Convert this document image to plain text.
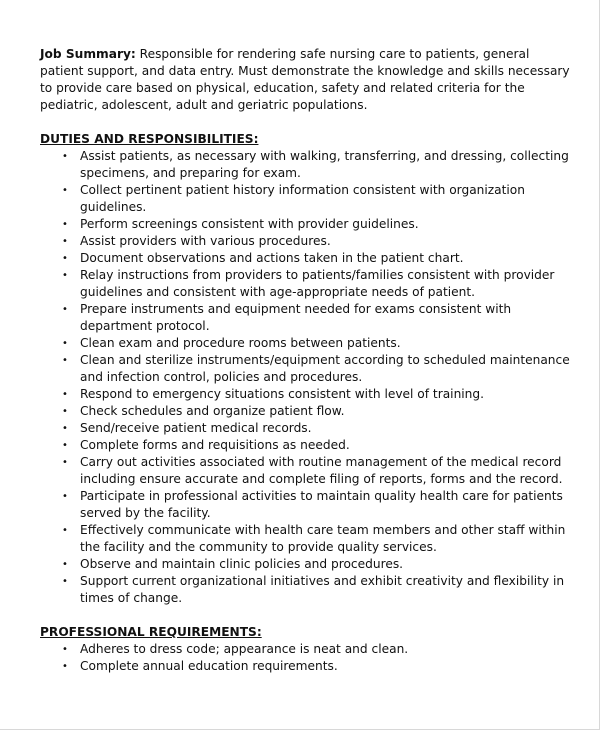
Job Summary: Responsible for rendering safe nursing care to patients, general patient support, and data entry. Must demonstrate the knowledge and skills necessary to provide care based on physical, education, safety and related criteria for the pediatric, adolescent, adult and geriatric populations.

DUTIES AND RESPONSIBILITIES:
• Assist patients, as necessary with walking, transferring, and dressing, collecting specimens, and preparing for exam.
• Collect pertinent patient history information consistent with organization guidelines.
• Perform screenings consistent with provider guidelines.
• Assist providers with various procedures.
• Document observations and actions taken in the patient chart.
• Relay instructions from providers to patients/families consistent with provider guidelines and consistent with age-appropriate needs of patient.
• Prepare instruments and equipment needed for exams consistent with department protocol.
• Clean exam and procedure rooms between patients.
• Clean and sterilize instruments/equipment according to scheduled maintenance and infection control, policies and procedures.
• Respond to emergency situations consistent with level of training.
• Check schedules and organize patient flow.
• Send/receive patient medical records.
• Complete forms and requisitions as needed.
• Carry out activities associated with routine management of the medical record including ensure accurate and complete filing of reports, forms and the record.
• Participate in professional activities to maintain quality health care for patients served by the facility.
• Effectively communicate with health care team members and other staff within the facility and the community to provide quality services.
• Observe and maintain clinic policies and procedures.
• Support current organizational initiatives and exhibit creativity and flexibility in times of change.
PROFESSIONAL REQUIREMENTS:
• Adheres to dress code; appearance is neat and clean.
• Complete annual education requirements.
